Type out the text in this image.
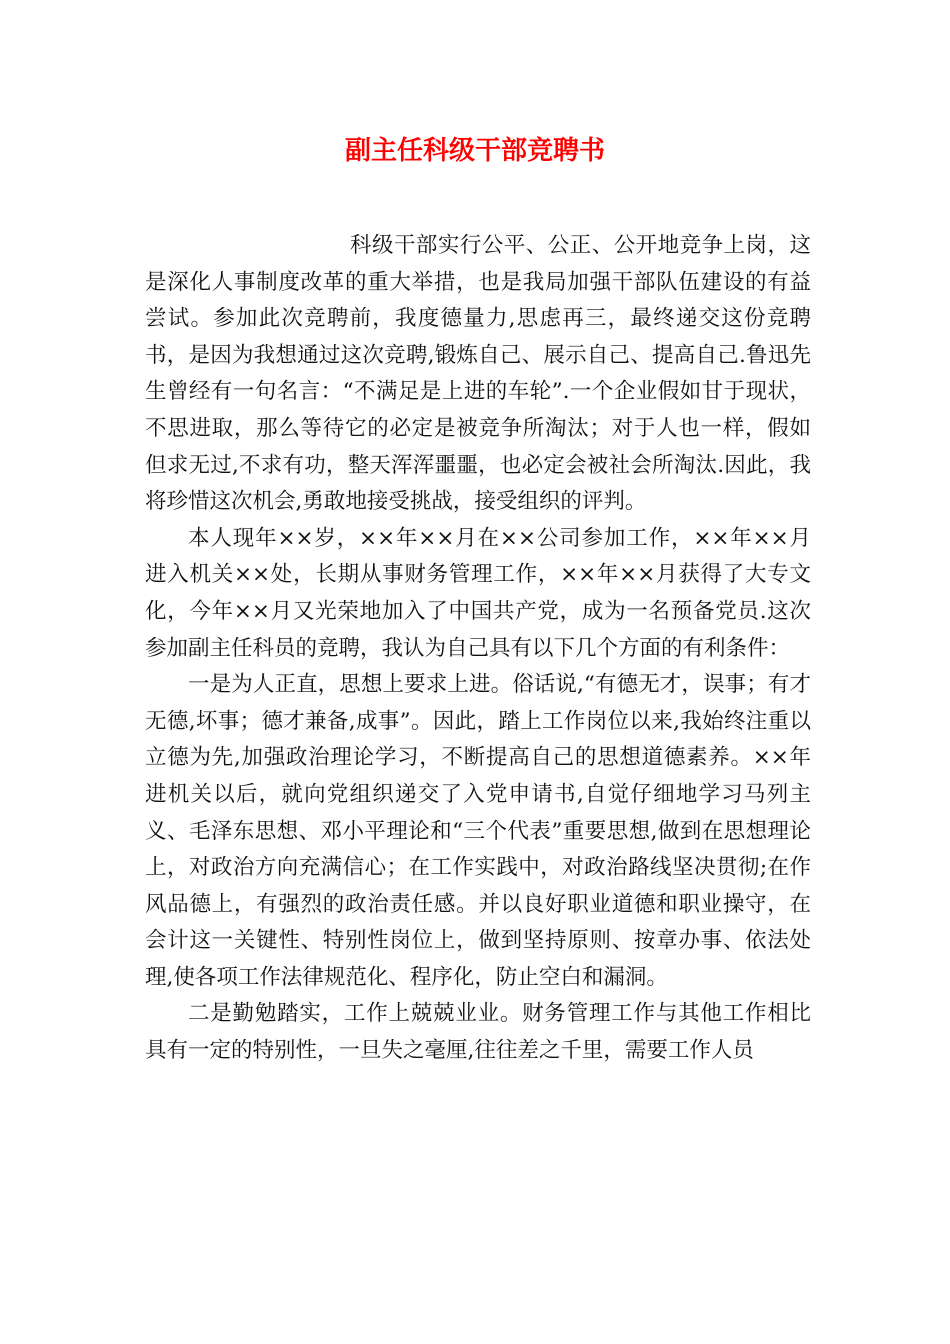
副主任科级干部竞聘书

科级干部实行公平、公正、公开地竞争上岗，这是深化人事制度改革的重大举措，也是我局加强干部队伍建设的有益尝试。参加此次竞聘前，我度德量力,思虑再三，最终递交这份竞聘书，是因为我想通过这次竞聘,锻炼自己、展示自己、提高自己.鲁迅先生曾经有一句名言：“不满足是上进的车轮”.一个企业假如甘于现状，不思进取，那么等待它的必定是被竞争所淘汰；对于人也一样，假如但求无过,不求有功，整天浑浑噩噩，也必定会被社会所淘汰.因此，我将珍惜这次机会,勇敢地接受挑战，接受组织的评判。

本人现年××岁，××年××月在××公司参加工作，××年××月进入机关××处，长期从事财务管理工作，××年××月获得了大专文化，今年××月又光荣地加入了中国共产党，成为一名预备党员.这次参加副主任科员的竞聘，我认为自己具有以下几个方面的有利条件：

一是为人正直，思想上要求上进。俗话说,“有德无才，误事；有才无德,坏事；德才兼备,成事”。因此，踏上工作岗位以来,我始终注重以立德为先,加强政治理论学习，不断提高自己的思想道德素养。××年进机关以后，就向党组织递交了入党申请书,自觉仔细地学习马列主义、毛泽东思想、邓小平理论和“三个代表”重要思想,做到在思想理论上，对政治方向充满信心；在工作实践中，对政治路线坚决贯彻;在作风品德上，有强烈的政治责任感。并以良好职业道德和职业操守，在会计这一关键性、特别性岗位上，做到坚持原则、按章办事、依法处理,使各项工作法律规范化、程序化，防止空白和漏洞。

二是勤勉踏实，工作上兢兢业业。财务管理工作与其他工作相比具有一定的特别性，一旦失之毫厘,往往差之千里，需要工作人员
